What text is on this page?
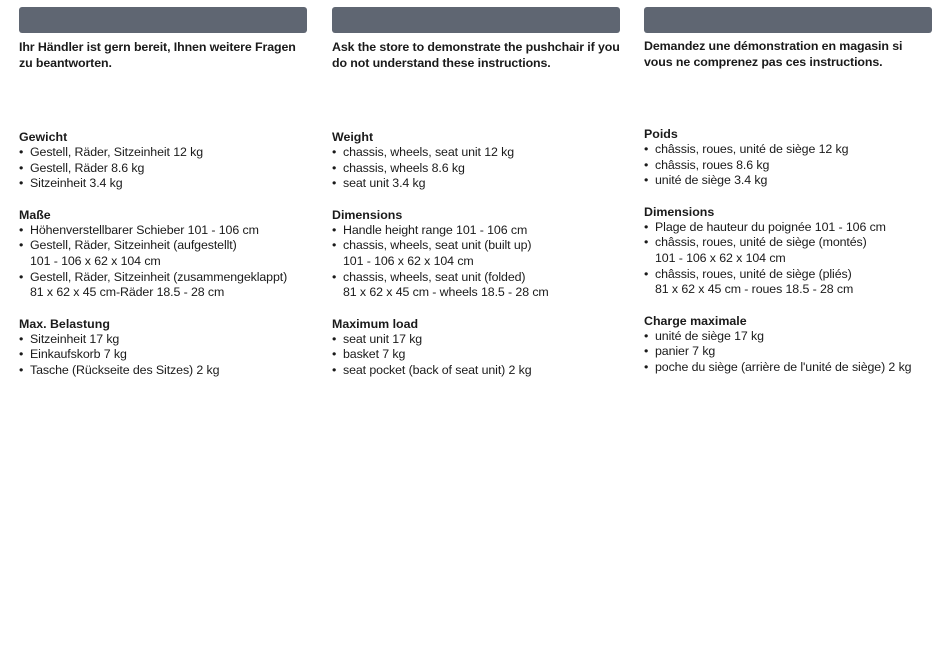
Ihr Händler ist gern bereit, Ihnen weitere Fragen zu beantworten.
Gewicht
• Gestell, Räder, Sitzeinheit 12 kg
• Gestell, Räder 8.6 kg
• Sitzeinheit 3.4 kg
Maße
• Höhenverstellbarer Schieber 101 - 106 cm
• Gestell, Räder, Sitzeinheit (aufgestellt)
101 - 106 x 62 x 104 cm
• Gestell, Räder, Sitzeinheit (zusammengeklappt)
81 x 62 x 45 cm-Räder 18.5 - 28 cm
Max. Belastung
• Sitzeinheit 17 kg
• Einkaufskorb 7 kg
• Tasche (Rückseite des Sitzes) 2 kg
Ask the store to demonstrate the pushchair if you do not understand these instructions.
Weight
• chassis, wheels, seat unit 12 kg
• chassis, wheels 8.6 kg
• seat unit 3.4 kg
Dimensions
• Handle height range 101 - 106 cm
• chassis, wheels, seat unit (built up)
101 - 106 x 62 x 104 cm
• chassis, wheels, seat unit (folded)
81 x 62 x 45 cm - wheels 18.5 - 28 cm
Maximum load
• seat unit 17 kg
• basket 7 kg
• seat pocket (back of seat unit) 2 kg
Demandez une démonstration en magasin si vous ne comprenez pas ces instructions.
Poids
• châssis, roues, unité de siège 12 kg
• châssis, roues 8.6 kg
• unité de siège 3.4 kg
Dimensions
• Plage de hauteur du poignée 101 - 106 cm
• châssis, roues, unité de siège (montés)
101 - 106 x 62 x 104 cm
• châssis, roues, unité de siège (pliés)
81 x 62 x 45 cm - roues 18.5 - 28 cm
Charge maximale
• unité de siège 17 kg
• panier 7 kg
• poche du siège (arrière de l'unité de siège) 2 kg
